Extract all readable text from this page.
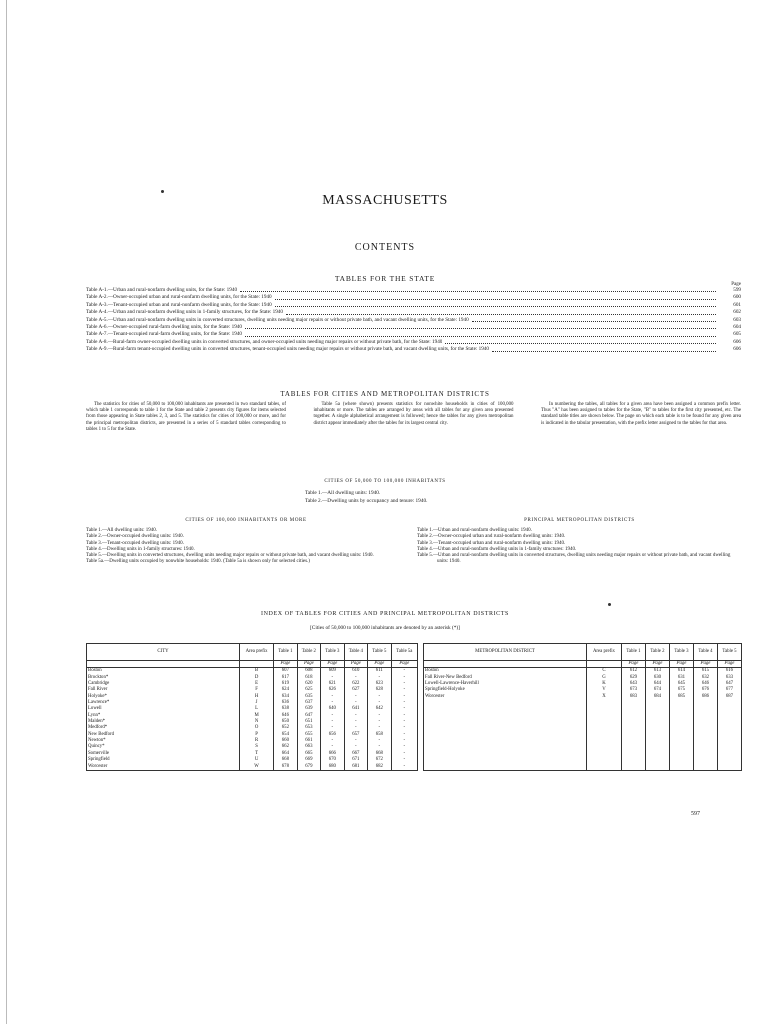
MASSACHUSETTS
CONTENTS
TABLES FOR THE STATE
Page
Table A-1.—Urban and rural-nonfarm dwelling units, for the State: 1940	599
Table A-2.—Owner-occupied urban and rural-nonfarm dwelling units, for the State: 1940	600
Table A-3.—Tenant-occupied urban and rural-nonfarm dwelling units, for the State: 1940	601
Table A-4.—Urban and rural-nonfarm dwelling units in 1-family structures, for the State: 1940	602
Table A-5.—Urban and rural-nonfarm dwelling units in converted structures, dwelling units needing major repairs or without private bath, and vacant dwelling units, for the State: 1940	603
Table A-6.—Owner-occupied rural-farm dwelling units, for the State: 1940	604
Table A-7.—Tenant-occupied rural-farm dwelling units, for the State: 1940	605
Table A-8.—Rural-farm owner-occupied dwelling units in converted structures, and owner-occupied units needing major repairs or without private bath, for the State: 1940	606
Table A-9.—Rural-farm tenant-occupied dwelling units in converted structures, tenant-occupied units needing major repairs or without private bath, and vacant dwelling units, for the State: 1940	606
TABLES FOR CITIES AND METROPOLITAN DISTRICTS
The statistics for cities of 50,000 to 100,000 inhabitants are presented in two standard tables, of which table 1 corresponds to table 1 for the State and table 2 presents city figures for items selected from those appearing in State tables 2, 3, and 5. The statistics for cities of 100,000 or more, and for the principal metropolitan districts, are presented in a series of 5 standard tables corresponding to tables 1 to 5 for the State.
Table 5a (where shown) presents statistics for nonwhite households in cities of 100,000 inhabitants or more. The tables are arranged by areas with all tables for any given area presented together. A single alphabetical arrangement is followed; hence the tables for any given metropolitan district appear immediately after the tables for its largest central city.
In numbering the tables, all tables for a given area have been assigned a common prefix letter. Thus "A" has been assigned to tables for the State, "B" to tables for the first city presented, etc. The standard table titles are shown below. The page on which each table is to be found for any given area is indicated in the tabular presentation, with the prefix letter assigned to the tables for that area.
CITIES OF 50,000 TO 100,000 INHABITANTS
Table 1.—All dwelling units: 1940.
Table 2.—Dwelling units by occupancy and tenure: 1940.
CITIES OF 100,000 INHABITANTS OR MORE
Table 1.—All dwelling units: 1940.
Table 2.—Owner-occupied dwelling units: 1940.
Table 3.—Tenant-occupied dwelling units: 1940.
Table 4.—Dwelling units in 1-family structures: 1940.
Table 5.—Dwelling units in converted structures, dwelling units needing major repairs or without private bath, and vacant dwelling units: 1940.
Table 5a.—Dwelling units occupied by nonwhite households: 1940. (Table 5a is shown only for selected cities.)
PRINCIPAL METROPOLITAN DISTRICTS
Table 1.—Urban and rural-nonfarm dwelling units: 1940.
Table 2.—Owner-occupied urban and rural-nonfarm dwelling units: 1940.
Table 3.—Tenant-occupied urban and rural-nonfarm dwelling units: 1940.
Table 4.—Urban and rural-nonfarm dwelling units in 1-family structures: 1940.
Table 5.—Urban and rural-nonfarm dwelling units in converted structures, dwelling units needing major repairs or without private bath, and vacant dwelling units: 1940.
INDEX OF TABLES FOR CITIES AND PRINCIPAL METROPOLITAN DISTRICTS
[Cities of 50,000 to 100,000 inhabitants are denoted by an asterisk (*)]
CITY	Area prefix	Table 1	Table 2	Table 3	Table 4	Table 5	Table 5a
		Page	Page	Page	Page	Page	Page
Boston	B	607	608	609	610	611	-
Brockton*	D	617	618	-	-	-	-
Cambridge	E	619	620	621	622	623	-
Fall River	F	624	625	626	627	628	-
Holyoke*	H	634	635	-	-	-	-
Lawrence*	J	636	637	-	-	-	-
Lowell	L	638	639	640	641	642	-
Lynn*	M	646	647	-	-	-	-
Malden*	N	650	651	-	-	-	-
Medford*	O	652	653	-	-	-	-
New Bedford	P	654	655	656	657	658	-
Newton*	R	660	661	-	-	-	-
Quincy*	S	662	663	-	-	-	-
Somerville	T	664	665	666	667	668	-
Springfield	U	668	669	670	671	672	-
Worcester	W	678	679	680	681	682	-
METROPOLITAN DISTRICT	Area prefix	Table 1	Table 2	Table 3	Table 4	Table 5
		Page	Page	Page	Page	Page
Boston	C	612	613	614	615	616
Fall River-New Bedford	G	629	630	631	632	633
Lowell-Lawrence-Haverhill	K	643	644	645	646	647
Springfield-Holyoke	V	673	674	675	676	677
Worcester	X	683	684	685	686	687

597
